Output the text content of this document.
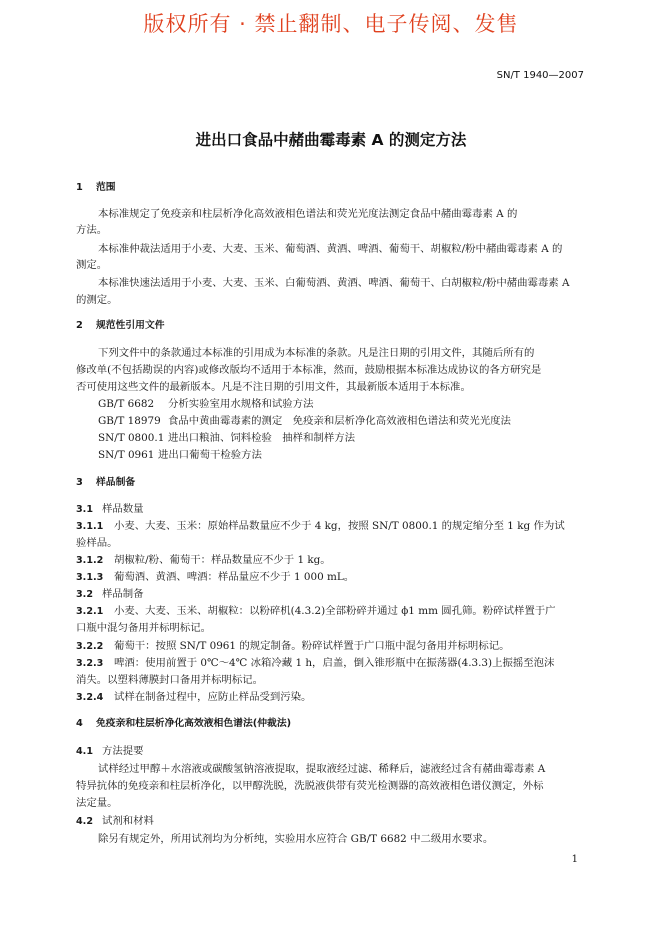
版权所有 · 禁止翻制、电子传阅、发售
SN/T 1940—2007
进出口食品中赭曲霉毒素 A 的测定方法
1 范围
本标准规定了免疫亲和柱层析净化高效液相色谱法和荧光光度法测定食品中赭曲霉毒素 A 的
方法。
本标准仲裁法适用于小麦、大麦、玉米、葡萄酒、黄酒、啤酒、葡萄干、胡椒粒/粉中赭曲霉毒素 A 的
测定。
本标准快速法适用于小麦、大麦、玉米、白葡萄酒、黄酒、啤酒、葡萄干、白胡椒粒/粉中赭曲霉毒素 A
的测定。
2 规范性引用文件
下列文件中的条款通过本标准的引用成为本标准的条款。凡是注日期的引用文件，其随后所有的
修改单(不包括勘误的内容)或修改版均不适用于本标准，然而，鼓励根据本标准达成协议的各方研究是
否可使用这些文件的最新版本。凡是不注日期的引用文件，其最新版本适用于本标准。
GB/T 6682 分析实验室用水规格和试验方法
GB/T 18979 食品中黄曲霉毒素的测定　免疫亲和层析净化高效液相色谱法和荧光光度法
SN/T 0800.1 进出口粮油、饲料检验　抽样和制样方法
SN/T 0961 进出口葡萄干检验方法
3 样品制备
3.1 样品数量
3.1.1 小麦、大麦、玉米：原始样品数量应不少于 4 kg，按照 SN/T 0800.1 的规定缩分至 1 kg 作为试
验样品。
3.1.2 胡椒粒/粉、葡萄干：样品数量应不少于 1 kg。
3.1.3 葡萄酒、黄酒、啤酒：样品量应不少于 1 000 mL。
3.2 样品制备
3.2.1 小麦、大麦、玉米、胡椒粒：以粉碎机(4.3.2)全部粉碎并通过 ϕ1 mm 圆孔筛。粉碎试样置于广
口瓶中混匀备用并标明标记。
3.2.2 葡萄干：按照 SN/T 0961 的规定制备。粉碎试样置于广口瓶中混匀备用并标明标记。
3.2.3 啤酒：使用前置于 0℃～4℃ 冰箱冷藏 1 h，启盖，倒入锥形瓶中在振荡器(4.3.3)上振摇至泡沫
消失。以塑料薄膜封口备用并标明标记。
3.2.4 试样在制备过程中，应防止样品受到污染。
4 免疫亲和柱层析净化高效液相色谱法(仲裁法)
4.1 方法提要
试样经过甲醇＋水溶液或碳酸氢钠溶液提取，提取液经过滤、稀释后，滤液经过含有赭曲霉毒素 A
特异抗体的免疫亲和柱层析净化，以甲醇洗脱，洗脱液供带有荧光检测器的高效液相色谱仪测定，外标
法定量。
4.2 试剂和材料
除另有规定外，所用试剂均为分析纯，实验用水应符合 GB/T 6682 中二级用水要求。
1
